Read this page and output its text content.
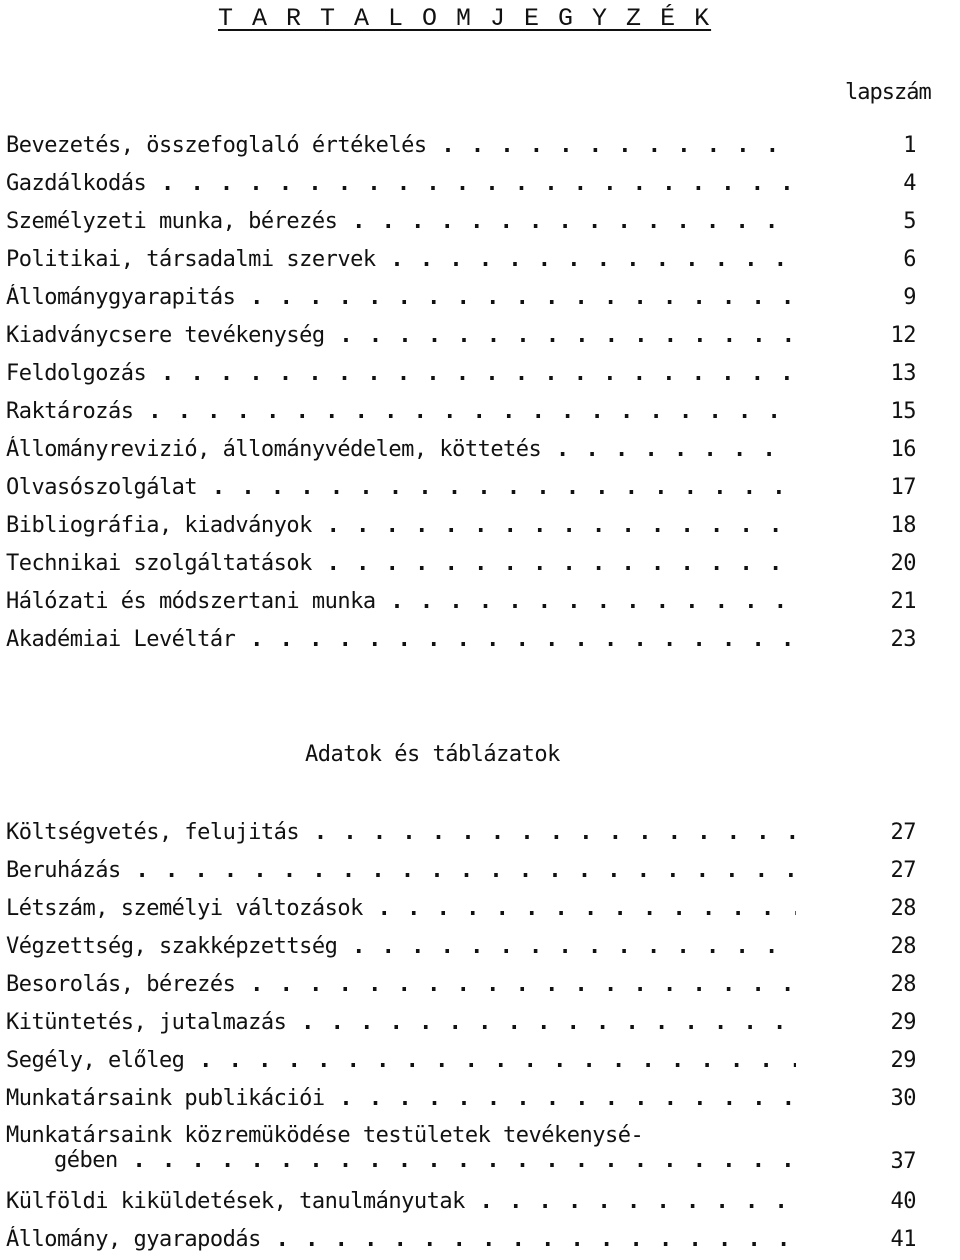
T A R T A L O M J E G Y Z É K
lapszám
Bevezetés, összefoglaló értékelés . . .	1
Gazdálkodás . . .	4
Személyzeti munka, bérezés . . .	5
Politikai, társadalmi szervek . . .	6
Állománygyarapitás . . .	9
Kiadványcsere tevékenység . . .	12
Feldolgozás . . .	13
Raktározás . . .	15
Állományrevizió, állományvédelem, köttetés . . .	16
Olvasószolgálat . . .	17
Bibliográfia, kiadványok . . .	18
Technikai szolgáltatások . . .	20
Hálózati és módszertani munka . . .	21
Akadémiai Levéltár . . .	23
Adatok és táblázatok
Költségvetés, felujitás . . .	27
Beruházás . . .	27
Létszám, személyi változások . . .	28
Végzettség, szakképzettség . . .	28
Besorolás, bérezés . . .	28
Kitüntetés, jutalmazás . . .	29
Segély, előleg . . .	29
Munkatársaink publikációi . . .	30
Munkatársaink közremüködése testületek tevékenysé-
gében . . .	37
Külföldi kiküldetések, tanulmányutak . . .	40
Állomány, gyarapodás . . .	41
